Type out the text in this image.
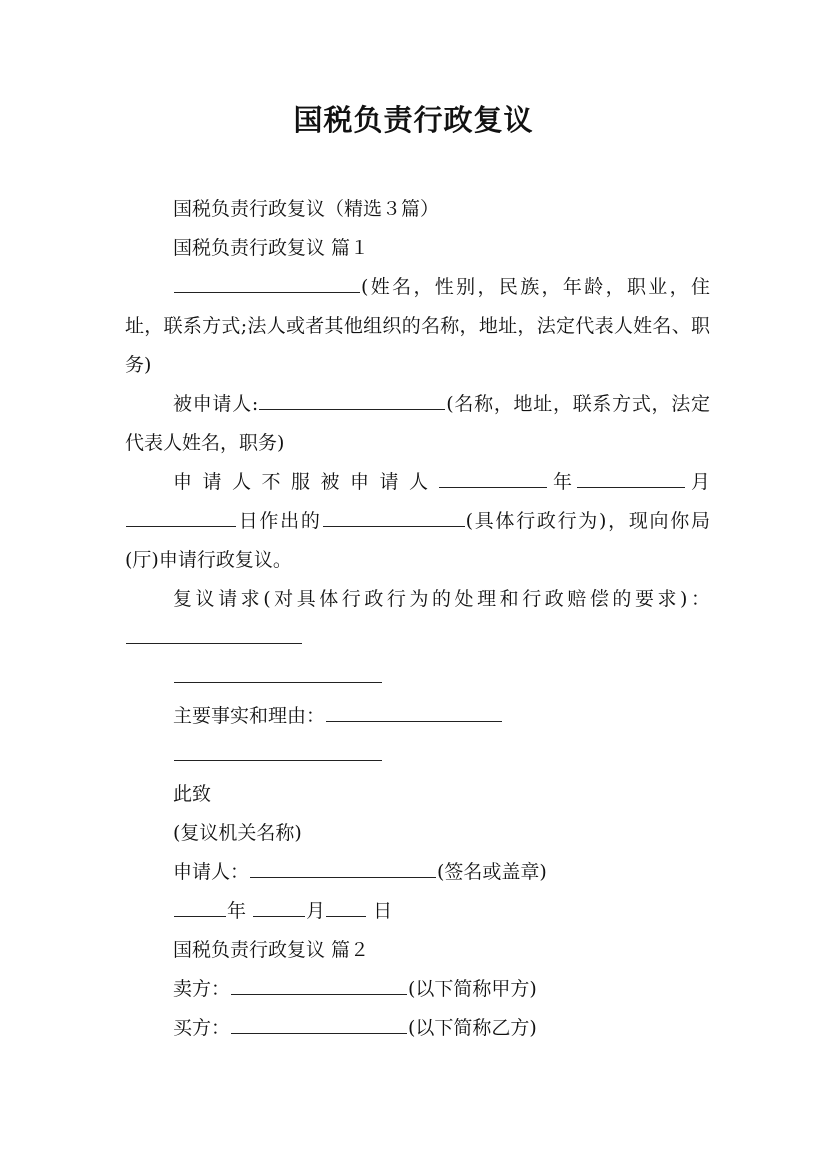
国税负责行政复议

国税负责行政复议（精选３篇）

国税负责行政复议 篇１

(姓名，性别，民族，年龄，职业，住址，联系方式;法人或者其他组织的名称，地址，法定代表人姓名、职务)

被申请人:	(名称，地址，联系方式，法定代表人姓名，职务)

申请人不服被申请人	年	月日作出的	(具体行政行为)，现向你局(厅)申请行政复议。

复议请求(对具体行政行为的处理和行政赔偿的要求)：

主要事实和理由：

此致

(复议机关名称)

申请人：	(签名或盖章)

年	月	日

国税负责行政复议 篇２

卖方：	(以下简称甲方)

买方：	(以下简称乙方)
